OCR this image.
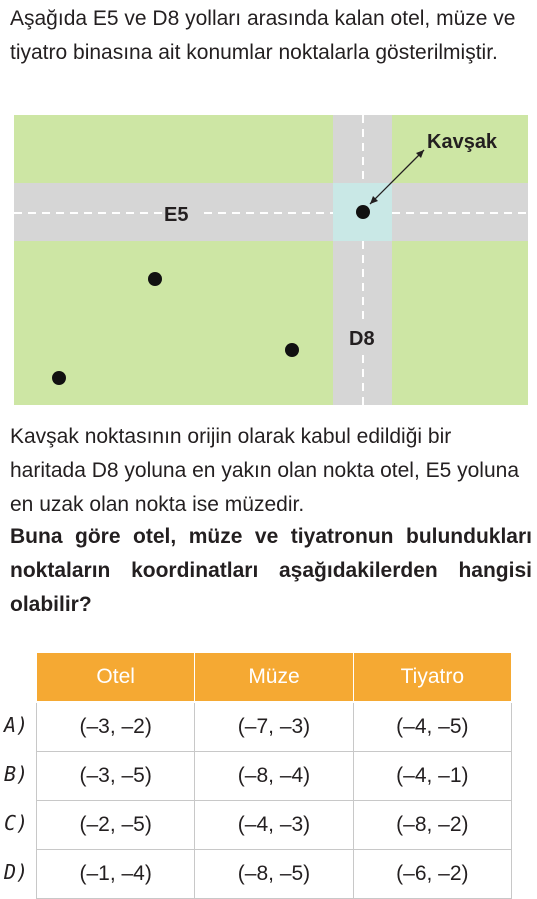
Aşağıda E5 ve D8 yolları arasında kalan otel, müze ve tiyatro binasına ait konumlar noktalarla gösterilmiştir.

E5
D8
Kavşak

Kavşak noktasının orijin olarak kabul edildiği bir haritada D8 yoluna en yakın olan nokta otel, E5 yoluna en uzak olan nokta ise müzedir.

Buna göre otel, müze ve tiyatronun bulundukları noktaların koordinatları aşağıdakilerden hangisi olabilir?

A)
B)
C)
D)
Otel	Müze	Tiyatro
(–3, –2)	(–7, –3)	(–4, –5)
(–3, –5)	(–8, –4)	(–4, –1)
(–2, –5)	(–4, –3)	(–8, –2)
(–1, –4)	(–8, –5)	(–6, –2)
